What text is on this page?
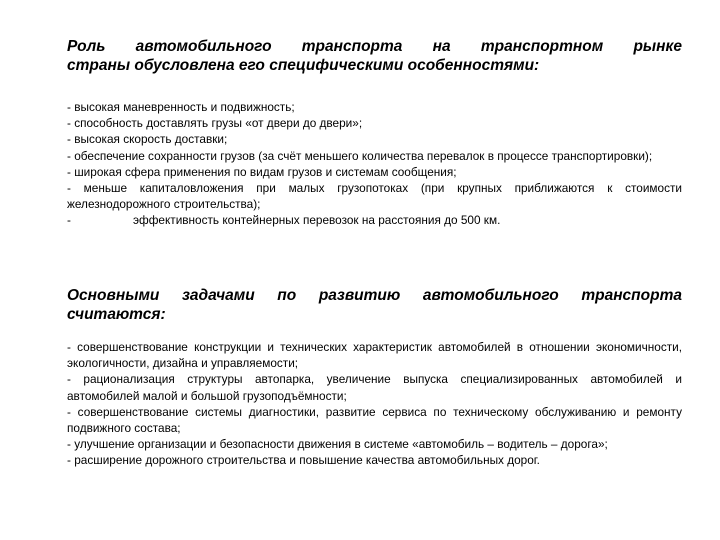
Роль автомобильного транспорта на транспортном рынке
страны обусловлена его специфическими особенностями:
- высокая маневренность и подвижность;
- способность доставлять грузы «от двери до двери»;
- высокая скорость доставки;
- обеспечение сохранности грузов (за счёт меньшего количества перевалок в процессе транспортировки);
- широкая сфера применения по видам грузов и системам сообщения;
- меньше капиталовложения при малых грузопотоках (при крупных приближаются к стоимости железнодорожного строительства);
-	эффективность контейнерных перевозок на расстояния до 500 км.
Основными задачами по развитию автомобильного транспорта
считаются:
- совершенствование конструкции и технических характеристик автомобилей в отношении экономичности, экологичности, дизайна и управляемости;
- рационализация структуры автопарка, увеличение выпуска специализированных автомобилей и автомобилей малой и большой грузоподъёмности;
- совершенствование системы диагностики, развитие сервиса по техническому обслуживанию и ремонту подвижного состава;
- улучшение организации и безопасности движения в системе «автомобиль – водитель – дорога»;
- расширение дорожного строительства и повышение качества автомобильных дорог.
